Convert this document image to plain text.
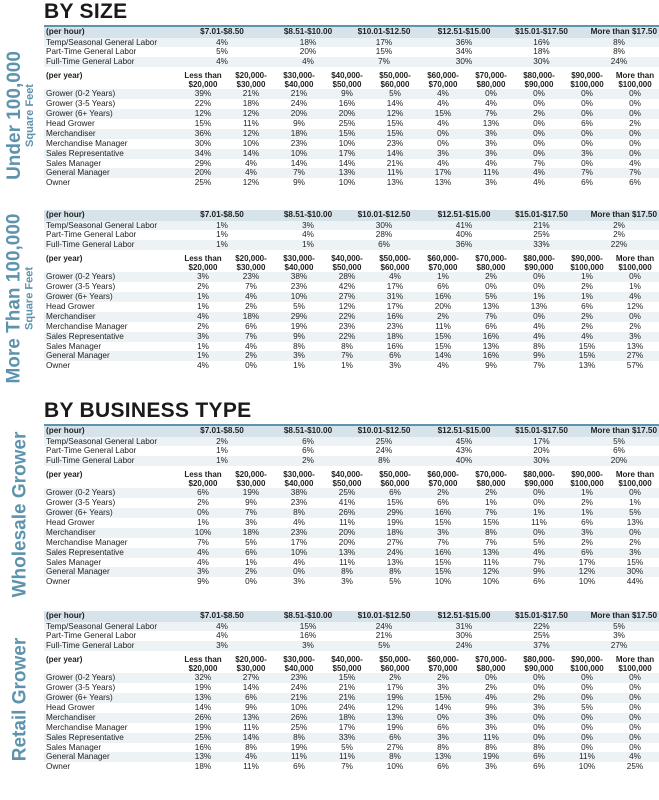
BY SIZE
BY BUSINESS TYPE
Under 100,000 Square Feet
(per hour)	$7.01-$8.50	$8.51-$10.00	$10.01-$12.50	$12.51-$15.00	$15.01-$17.50	More than $17.50
Temp/Seasonal General Labor	4%	18%	17%	36%	16%	8%
Part-Time General Labor	5%	20%	15%	34%	18%	8%
Full-Time General Labor	4%	4%	7%	30%	30%	24%
(per year)	Less than	$20,000-	$30,000-	$40,000-	$50,000-	$60,000-	$70,000-	$80,000-	$90,000-	More than
	$20,000	$30,000	$40,000	$50,000	$60,000	$70,000	$80,000	$90,000	$100,000	$100,000
Grower (0-2 Years)	39%	21%	21%	9%	5%	4%	0%	0%	0%	0%
Grower (3-5 Years)	22%	18%	24%	16%	14%	4%	4%	0%	0%	0%
Grower (6+ Years)	12%	12%	20%	20%	12%	15%	7%	2%	0%	0%
Head Grower	15%	11%	9%	25%	15%	4%	13%	0%	6%	2%
Merchandiser	36%	12%	18%	15%	15%	0%	3%	0%	0%	0%
Merchandise Manager	30%	10%	23%	10%	23%	0%	3%	0%	0%	0%
Sales Representative	34%	14%	10%	17%	14%	3%	3%	0%	3%	0%
Sales Manager	29%	4%	14%	14%	21%	4%	4%	7%	0%	4%
General Manager	20%	4%	7%	13%	11%	17%	11%	4%	7%	7%
Owner	25%	12%	9%	10%	13%	13%	3%	4%	6%	6%
More Than 100,000 Square Feet
(per hour)	$7.01-$8.50	$8.51-$10.00	$10.01-$12.50	$12.51-$15.00	$15.01-$17.50	More than $17.50
Temp/Seasonal General Labor	1%	3%	30%	41%	21%	2%
Part-Time General Labor	1%	4%	28%	40%	25%	2%
Full-Time General Labor	1%	1%	6%	36%	33%	22%
(per year)	Less than	$20,000-	$30,000-	$40,000-	$50,000-	$60,000-	$70,000-	$80,000-	$90,000-	More than
	$20,000	$30,000	$40,000	$50,000	$60,000	$70,000	$80,000	$90,000	$100,000	$100,000
Grower (0-2 Years)	3%	23%	38%	28%	4%	1%	2%	0%	1%	0%
Grower (3-5 Years)	2%	7%	23%	42%	17%	6%	0%	0%	2%	1%
Grower (6+ Years)	1%	4%	10%	27%	31%	16%	5%	1%	1%	4%
Head Grower	1%	2%	5%	12%	17%	20%	13%	13%	6%	12%
Merchandiser	4%	18%	29%	22%	16%	2%	7%	0%	2%	0%
Merchandise Manager	2%	6%	19%	23%	23%	11%	6%	4%	2%	2%
Sales Representative	3%	7%	9%	22%	18%	15%	16%	4%	4%	3%
Sales Manager	1%	4%	8%	8%	16%	15%	13%	8%	15%	13%
General Manager	1%	2%	3%	7%	6%	14%	16%	9%	15%	27%
Owner	4%	0%	1%	1%	3%	4%	9%	7%	13%	57%
Wholesale Grower
(per hour)	$7.01-$8.50	$8.51-$10.00	$10.01-$12.50	$12.51-$15.00	$15.01-$17.50	More than $17.50
Temp/Seasonal General Labor	2%	6%	25%	45%	17%	5%
Part-Time General Labor	1%	6%	24%	43%	20%	6%
Full-Time General Labor	1%	2%	8%	40%	30%	20%
(per year)	Less than	$20,000-	$30,000-	$40,000-	$50,000-	$60,000-	$70,000-	$80,000-	$90,000-	More than
	$20,000	$30,000	$40,000	$50,000	$60,000	$70,000	$80,000	$90,000	$100,000	$100,000
Grower (0-2 Years)	6%	19%	38%	25%	6%	2%	2%	0%	1%	0%
Grower (3-5 Years)	2%	9%	23%	41%	15%	6%	1%	0%	2%	1%
Grower (6+ Years)	0%	7%	8%	26%	29%	16%	7%	1%	1%	5%
Head Grower	1%	3%	4%	11%	19%	15%	15%	11%	6%	13%
Merchandiser	10%	18%	23%	20%	18%	3%	8%	0%	3%	0%
Merchandise Manager	7%	5%	17%	20%	27%	7%	7%	5%	2%	2%
Sales Representative	4%	6%	10%	13%	24%	16%	13%	4%	6%	3%
Sales Manager	4%	1%	4%	11%	13%	15%	11%	7%	17%	15%
General Manager	3%	2%	0%	8%	8%	15%	12%	9%	12%	30%
Owner	9%	0%	3%	3%	5%	10%	10%	6%	10%	44%
Retail Grower
(per hour)	$7.01-$8.50	$8.51-$10.00	$10.01-$12.50	$12.51-$15.00	$15.01-$17.50	More than $17.50
Temp/Seasonal General Labor	4%	15%	24%	31%	22%	5%
Part-Time General Labor	4%	16%	21%	30%	25%	3%
Full-Time General Labor	3%	3%	5%	24%	37%	27%
(per year)	Less than	$20,000-	$30,000-	$40,000-	$50,000-	$60,000-	$70,000-	$80,000-	$90,000-	More than
	$20,000	$30,000	$40,000	$50,000	$60,000	$70,000	$80,000	$90,000	$100,000	$100,000
Grower (0-2 Years)	32%	27%	23%	15%	2%	2%	0%	0%	0%	0%
Grower (3-5 Years)	19%	14%	24%	21%	17%	3%	2%	0%	0%	0%
Grower (6+ Years)	13%	6%	21%	21%	19%	15%	4%	2%	0%	0%
Head Grower	14%	9%	10%	24%	12%	14%	9%	3%	5%	0%
Merchandiser	26%	13%	26%	18%	13%	0%	3%	0%	0%	0%
Merchandise Manager	19%	11%	25%	17%	19%	6%	3%	0%	0%	0%
Sales Representative	25%	14%	8%	33%	6%	3%	11%	0%	0%	0%
Sales Manager	16%	8%	19%	5%	27%	8%	8%	8%	0%	0%
General Manager	13%	4%	11%	11%	8%	13%	19%	6%	11%	4%
Owner	18%	11%	6%	7%	10%	6%	3%	6%	10%	25%
